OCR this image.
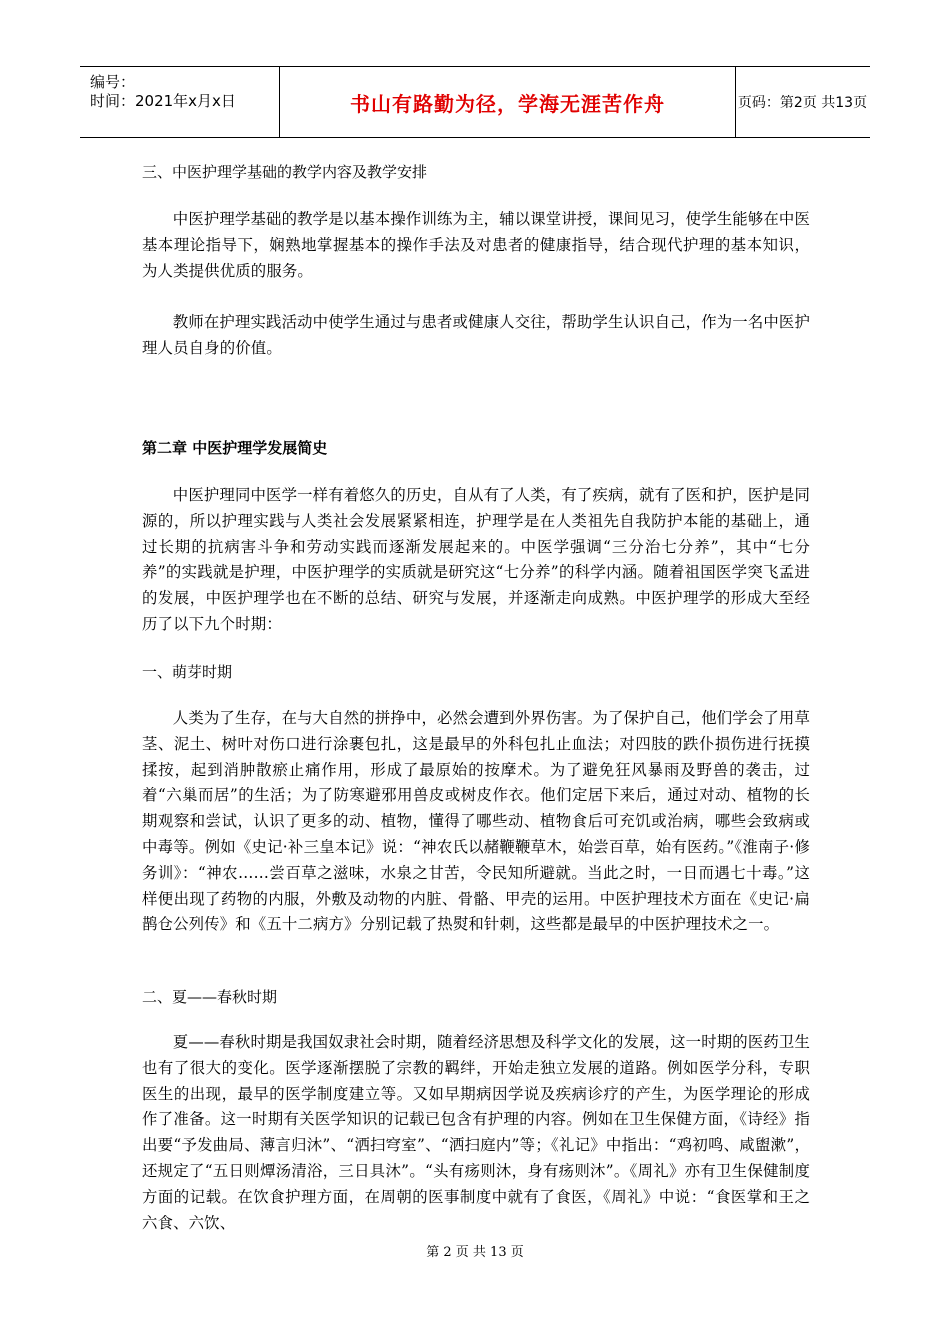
编号：
时间：2021年x月x日	书山有路勤为径，学海无涯苦作舟	页码：第2页 共13页
三、中医护理学基础的教学内容及教学安排
中医护理学基础的教学是以基本操作训练为主，辅以课堂讲授，课间见习，使学生能够在中医基本理论指导下，娴熟地掌握基本的操作手法及对患者的健康指导，结合现代护理的基本知识，为人类提供优质的服务。
教师在护理实践活动中使学生通过与患者或健康人交往，帮助学生认识自己，作为一名中医护理人员自身的价值。
第二章 中医护理学发展简史
中医护理同中医学一样有着悠久的历史，自从有了人类，有了疾病，就有了医和护，医护是同源的，所以护理实践与人类社会发展紧紧相连，护理学是在人类祖先自我防护本能的基础上，通过长期的抗病害斗争和劳动实践而逐渐发展起来的。中医学强调“三分治七分养”，其中“七分养”的实践就是护理，中医护理学的实质就是研究这“七分养”的科学内涵。随着祖国医学突飞孟进的发展，中医护理学也在不断的总结、研究与发展，并逐渐走向成熟。中医护理学的形成大至经历了以下九个时期：
一、萌芽时期
人类为了生存，在与大自然的拼挣中，必然会遭到外界伤害。为了保护自己，他们学会了用草茎、泥土、树叶对伤口进行涂裹包扎，这是最早的外科包扎止血法；对四肢的跌仆损伤进行抚摸揉按，起到消肿散瘀止痛作用，形成了最原始的按摩术。为了避免狂风暴雨及野兽的袭击，过着“六巢而居”的生活；为了防寒避邪用兽皮或树皮作衣。他们定居下来后，通过对动、植物的长期观察和尝试，认识了更多的动、植物，懂得了哪些动、植物食后可充饥或治病，哪些会致病或中毒等。例如《史记·补三皇本记》说：“神农氏以赭鞭鞭草木，始尝百草，始有医药。”《淮南子·修务训》：“神农……尝百草之滋味，水泉之甘苦，令民知所避就。当此之时，一日而遇七十毒。”这样便出现了药物的内服，外敷及动物的内脏、骨骼、甲壳的运用。中医护理技术方面在《史记·扁鹊仓公列传》和《五十二病方》分别记载了热熨和针刺，这些都是最早的中医护理技术之一。
二、夏——春秋时期
夏——春秋时期是我国奴隶社会时期，随着经济思想及科学文化的发展，这一时期的医药卫生也有了很大的变化。医学逐渐摆脱了宗教的羁绊，开始走独立发展的道路。例如医学分科，专职医生的出现，最早的医学制度建立等。又如早期病因学说及疾病诊疗的产生，为医学理论的形成作了准备。这一时期有关医学知识的记载已包含有护理的内容。例如在卫生保健方面，《诗经》指出要“予发曲局、薄言归沐”、“洒扫穹室”、“洒扫庭内”等；《礼记》中指出：“鸡初鸣、咸盥漱”，还规定了“五日则燂汤清浴，三日具沐”。“头有疡则沐，身有疡则沐”。《周礼》亦有卫生保健制度方面的记载。在饮食护理方面，在周朝的医事制度中就有了食医，《周礼》中说：“食医掌和王之六食、六饮、
第 2 页 共 13 页
